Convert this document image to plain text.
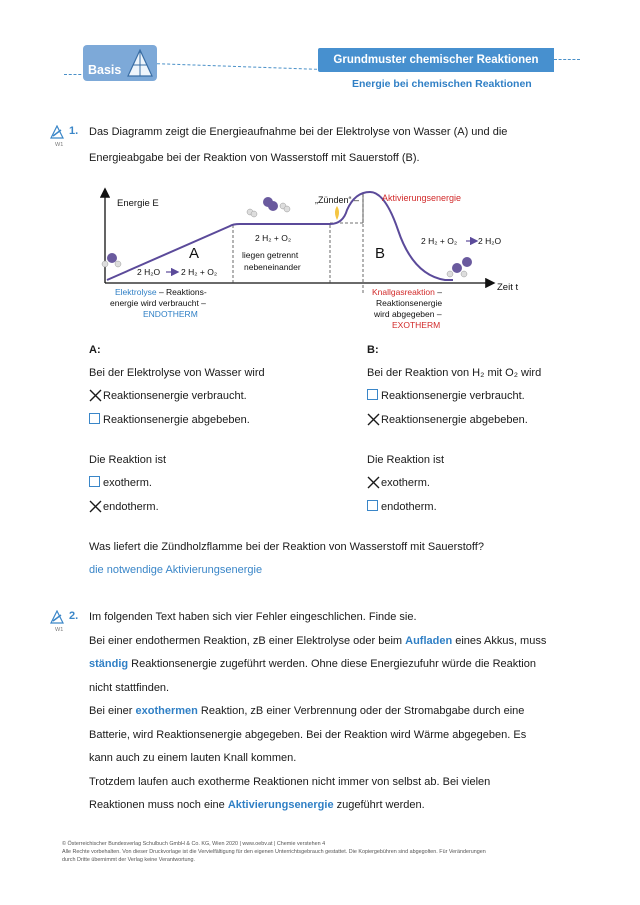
Basis
Grundmuster chemischer Reaktionen
Energie bei chemischen Reaktionen
W1
1. Das Diagramm zeigt die Energieaufnahme bei der Elektrolyse von Wasser (A) und die
Energieabgabe bei der Reaktion von Wasserstoff mit Sauerstoff (B).
Energie E
Zeit t
A	B
„Zünden“ –	Aktivierungsenergie
2 H₂O 2 H₂ + O₂
2 H₂ + O₂
liegen getrennt
nebeneinander
2 H₂ + O₂ 2 H₂O
Elektrolyse – Reaktions-
energie wird verbraucht –
ENDOTHERM
Knallgasreaktion –
Reaktionsenergie
wird abgegeben –
EXOTHERM
A:
Bei der Elektrolyse von Wasser wird
Reaktionsenergie verbraucht.
Reaktionsenergie abgebeben.
Die Reaktion ist
exotherm.
endotherm.
B:
Bei der Reaktion von H₂ mit O₂ wird
Reaktionsenergie verbraucht.
Reaktionsenergie abgebeben.
Die Reaktion ist
exotherm.
endotherm.
Was liefert die Zündholzflamme bei der Reaktion von Wasserstoff mit Sauerstoff?
die notwendige Aktivierungsenergie
W1
2. Im folgenden Text haben sich vier Fehler eingeschlichen. Finde sie.
Bei einer endothermen Reaktion, zB einer Elektrolyse oder beim Aufladen eines Akkus, muss
ständig Reaktionsenergie zugeführt werden. Ohne diese Energiezufuhr würde die Reaktion
nicht stattfinden.
Bei einer exothermen Reaktion, zB einer Verbrennung oder der Stromabgabe durch eine
Batterie, wird Reaktionsenergie abgegeben. Bei der Reaktion wird Wärme abgegeben. Es
kann auch zu einem lauten Knall kommen.
Trotzdem laufen auch exotherme Reaktionen nicht immer von selbst ab. Bei vielen
Reaktionen muss noch eine Aktivierungsenergie zugeführt werden.
© Österreichischer Bundesverlag Schulbuch GmbH & Co. KG, Wien 2020 | www.oebv.at | Chemie verstehen 4
Alle Rechte vorbehalten. Von dieser Druckvorlage ist die Vervielfältigung für den eigenen Unterrichtsgebrauch gestattet. Die Kopiergebühren sind abgegolten. Für Veränderungen
durch Dritte übernimmt der Verlag keine Verantwortung.
